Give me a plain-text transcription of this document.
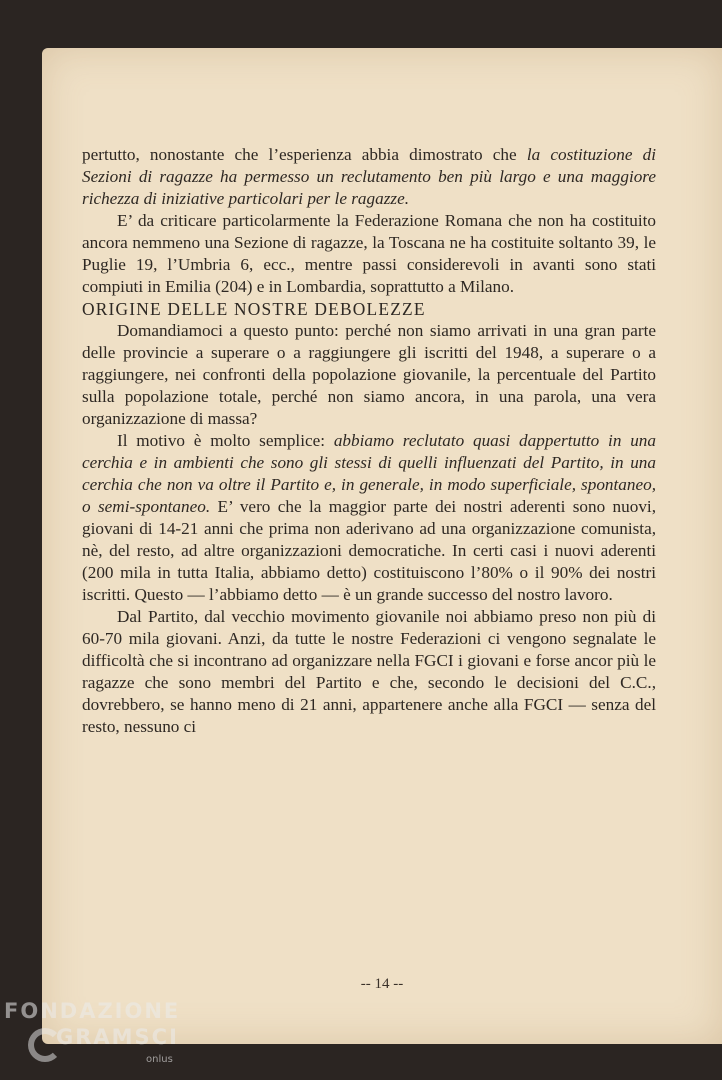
pertutto, nonostante che l’esperienza abbia dimostrato che la costituzione di Sezioni di ragazze ha permesso un reclutamento ben più largo e una maggiore richezza di iniziative particolari per le ragazze.

E’ da criticare particolarmente la Federazione Romana che non ha costituito ancora nemmeno una Sezione di ragazze, la Toscana ne ha costituite soltanto 39, le Puglie 19, l’Umbria 6, ecc., mentre passi considerevoli in avanti sono stati compiuti in Emilia (204) e in Lombardia, soprattutto a Milano.

ORIGINE DELLE NOSTRE DEBOLEZZE

Domandiamoci a questo punto: perché non siamo arrivati in una gran parte delle provincie a superare o a raggiungere gli iscritti del 1948, a superare o a raggiungere, nei confronti della popolazione giovanile, la percentuale del Partito sulla popolazione totale, perché non siamo ancora, in una parola, una vera organizzazione di massa?

Il motivo è molto semplice: abbiamo reclutato quasi dappertutto in una cerchia e in ambienti che sono gli stessi di quelli influenzati del Partito, in una cerchia che non va oltre il Partito e, in generale, in modo superficiale, spontaneo, o semi-spontaneo. E’ vero che la maggior parte dei nostri aderenti sono nuovi, giovani di 14-21 anni che prima non aderivano ad una organizzazione comunista, nè, del resto, ad altre organizzazioni democratiche. In certi casi i nuovi aderenti (200 mila in tutta Italia, abbiamo detto) costituiscono l’80% o il 90% dei nostri iscritti. Questo — l’abbiamo detto — è un grande successo del nostro lavoro.

Dal Partito, dal vecchio movimento giovanile noi abbiamo preso non più di 60-70 mila giovani. Anzi, da tutte le nostre Federazioni ci vengono segnalate le difficoltà che si incontrano ad organizzare nella FGCI i giovani e forse ancor più le ragazze che sono membri del Partito e che, secondo le decisioni del C.C., dovrebbero, se hanno meno di 21 anni, appartenere anche alla FGCI — senza del resto, nessuno ci

-- 14 --
FONDAZIONE
GRAMSCI
onlus
